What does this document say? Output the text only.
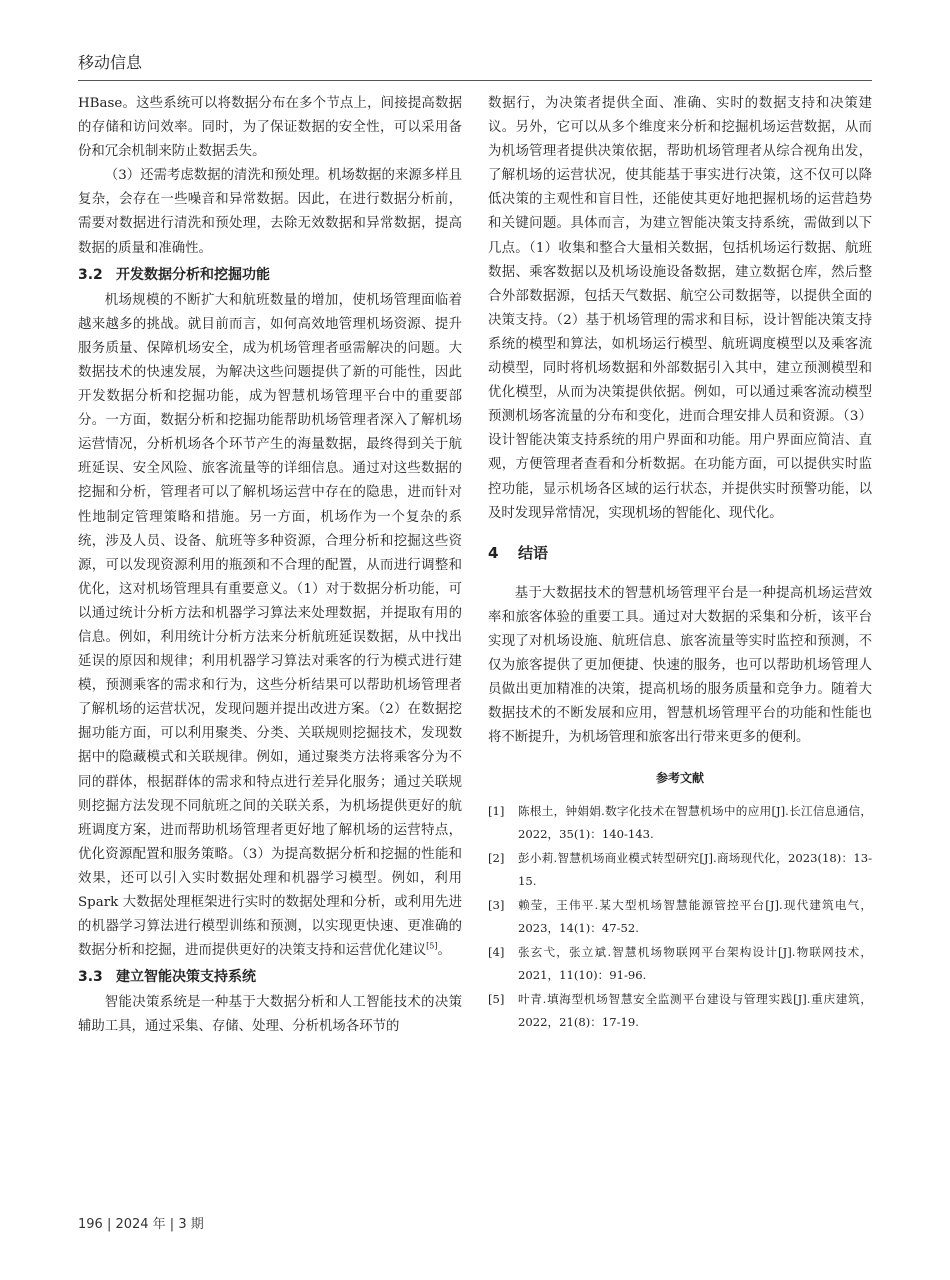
移动信息

HBase。这些系统可以将数据分布在多个节点上，间接提高数据的存储和访问效率。同时，为了保证数据的安全性，可以采用备份和冗余机制来防止数据丢失。

（3）还需考虑数据的清洗和预处理。机场数据的来源多样且复杂，会存在一些噪音和异常数据。因此，在进行数据分析前，需要对数据进行清洗和预处理，去除无效数据和异常数据，提高数据的质量和准确性。

3.2 开发数据分析和挖掘功能

机场规模的不断扩大和航班数量的增加，使机场管理面临着越来越多的挑战。就目前而言，如何高效地管理机场资源、提升服务质量、保障机场安全，成为机场管理者亟需解决的问题。大数据技术的快速发展，为解决这些问题提供了新的可能性，因此开发数据分析和挖掘功能，成为智慧机场管理平台中的重要部分。一方面，数据分析和挖掘功能帮助机场管理者深入了解机场运营情况，分析机场各个环节产生的海量数据，最终得到关于航班延误、安全风险、旅客流量等的详细信息。通过对这些数据的挖掘和分析，管理者可以了解机场运营中存在的隐患，进而针对性地制定管理策略和措施。另一方面，机场作为一个复杂的系统，涉及人员、设备、航班等多种资源，合理分析和挖掘这些资源，可以发现资源利用的瓶颈和不合理的配置，从而进行调整和优化，这对机场管理具有重要意义。（1）对于数据分析功能，可以通过统计分析方法和机器学习算法来处理数据，并提取有用的信息。例如，利用统计分析方法来分析航班延误数据，从中找出延误的原因和规律；利用机器学习算法对乘客的行为模式进行建模，预测乘客的需求和行为，这些分析结果可以帮助机场管理者了解机场的运营状况，发现问题并提出改进方案。（2）在数据挖掘功能方面，可以利用聚类、分类、关联规则挖掘技术，发现数据中的隐藏模式和关联规律。例如，通过聚类方法将乘客分为不同的群体，根据群体的需求和特点进行差异化服务；通过关联规则挖掘方法发现不同航班之间的关联关系，为机场提供更好的航班调度方案，进而帮助机场管理者更好地了解机场的运营特点，优化资源配置和服务策略。（3）为提高数据分析和挖掘的性能和效果，还可以引入实时数据处理和机器学习模型。例如，利用 Spark 大数据处理框架进行实时的数据处理和分析，或利用先进的机器学习算法进行模型训练和预测，以实现更快速、更准确的数据分析和挖掘，进而提供更好的决策支持和运营优化建议[5]。

3.3 建立智能决策支持系统

智能决策系统是一种基于大数据分析和人工智能技术的决策辅助工具，通过采集、存储、处理、分析机场各环节的

数据行，为决策者提供全面、准确、实时的数据支持和决策建议。另外，它可以从多个维度来分析和挖掘机场运营数据，从而为机场管理者提供决策依据，帮助机场管理者从综合视角出发，了解机场的运营状况，使其能基于事实进行决策，这不仅可以降低决策的主观性和盲目性，还能使其更好地把握机场的运营趋势和关键问题。具体而言，为建立智能决策支持系统，需做到以下几点。（1）收集和整合大量相关数据，包括机场运行数据、航班数据、乘客数据以及机场设施设备数据，建立数据仓库，然后整合外部数据源，包括天气数据、航空公司数据等，以提供全面的决策支持。（2）基于机场管理的需求和目标，设计智能决策支持系统的模型和算法，如机场运行模型、航班调度模型以及乘客流动模型，同时将机场数据和外部数据引入其中，建立预测模型和优化模型，从而为决策提供依据。例如，可以通过乘客流动模型预测机场客流量的分布和变化，进而合理安排人员和资源。（3）设计智能决策支持系统的用户界面和功能。用户界面应简洁、直观，方便管理者查看和分析数据。在功能方面，可以提供实时监控功能，显示机场各区域的运行状态，并提供实时预警功能，以及时发现异常情况，实现机场的智能化、现代化。

4 结语

基于大数据技术的智慧机场管理平台是一种提高机场运营效率和旅客体验的重要工具。通过对大数据的采集和分析，该平台实现了对机场设施、航班信息、旅客流量等实时监控和预测，不仅为旅客提供了更加便捷、快速的服务，也可以帮助机场管理人员做出更加精准的决策，提高机场的服务质量和竞争力。随着大数据技术的不断发展和应用，智慧机场管理平台的功能和性能也将不断提升，为机场管理和旅客出行带来更多的便利。

参考文献
[1]	陈根土，钟娟娟.数字化技术在智慧机场中的应用[J].长江信息通信，2022，35(1)：140-143.
[2]	彭小莉.智慧机场商业模式转型研究[J].商场现代化，2023(18)：13-15.
[3]	赖莹，王伟平.某大型机场智慧能源管控平台[J].现代建筑电气，2023，14(1)：47-52.
[4]	张玄弋，张立斌.智慧机场物联网平台架构设计[J].物联网技术，2021，11(10)：91-96.
[5]	叶青.填海型机场智慧安全监测平台建设与管理实践[J].重庆建筑，2022，21(8)：17-19.
196 | 2024 年 | 3 期
